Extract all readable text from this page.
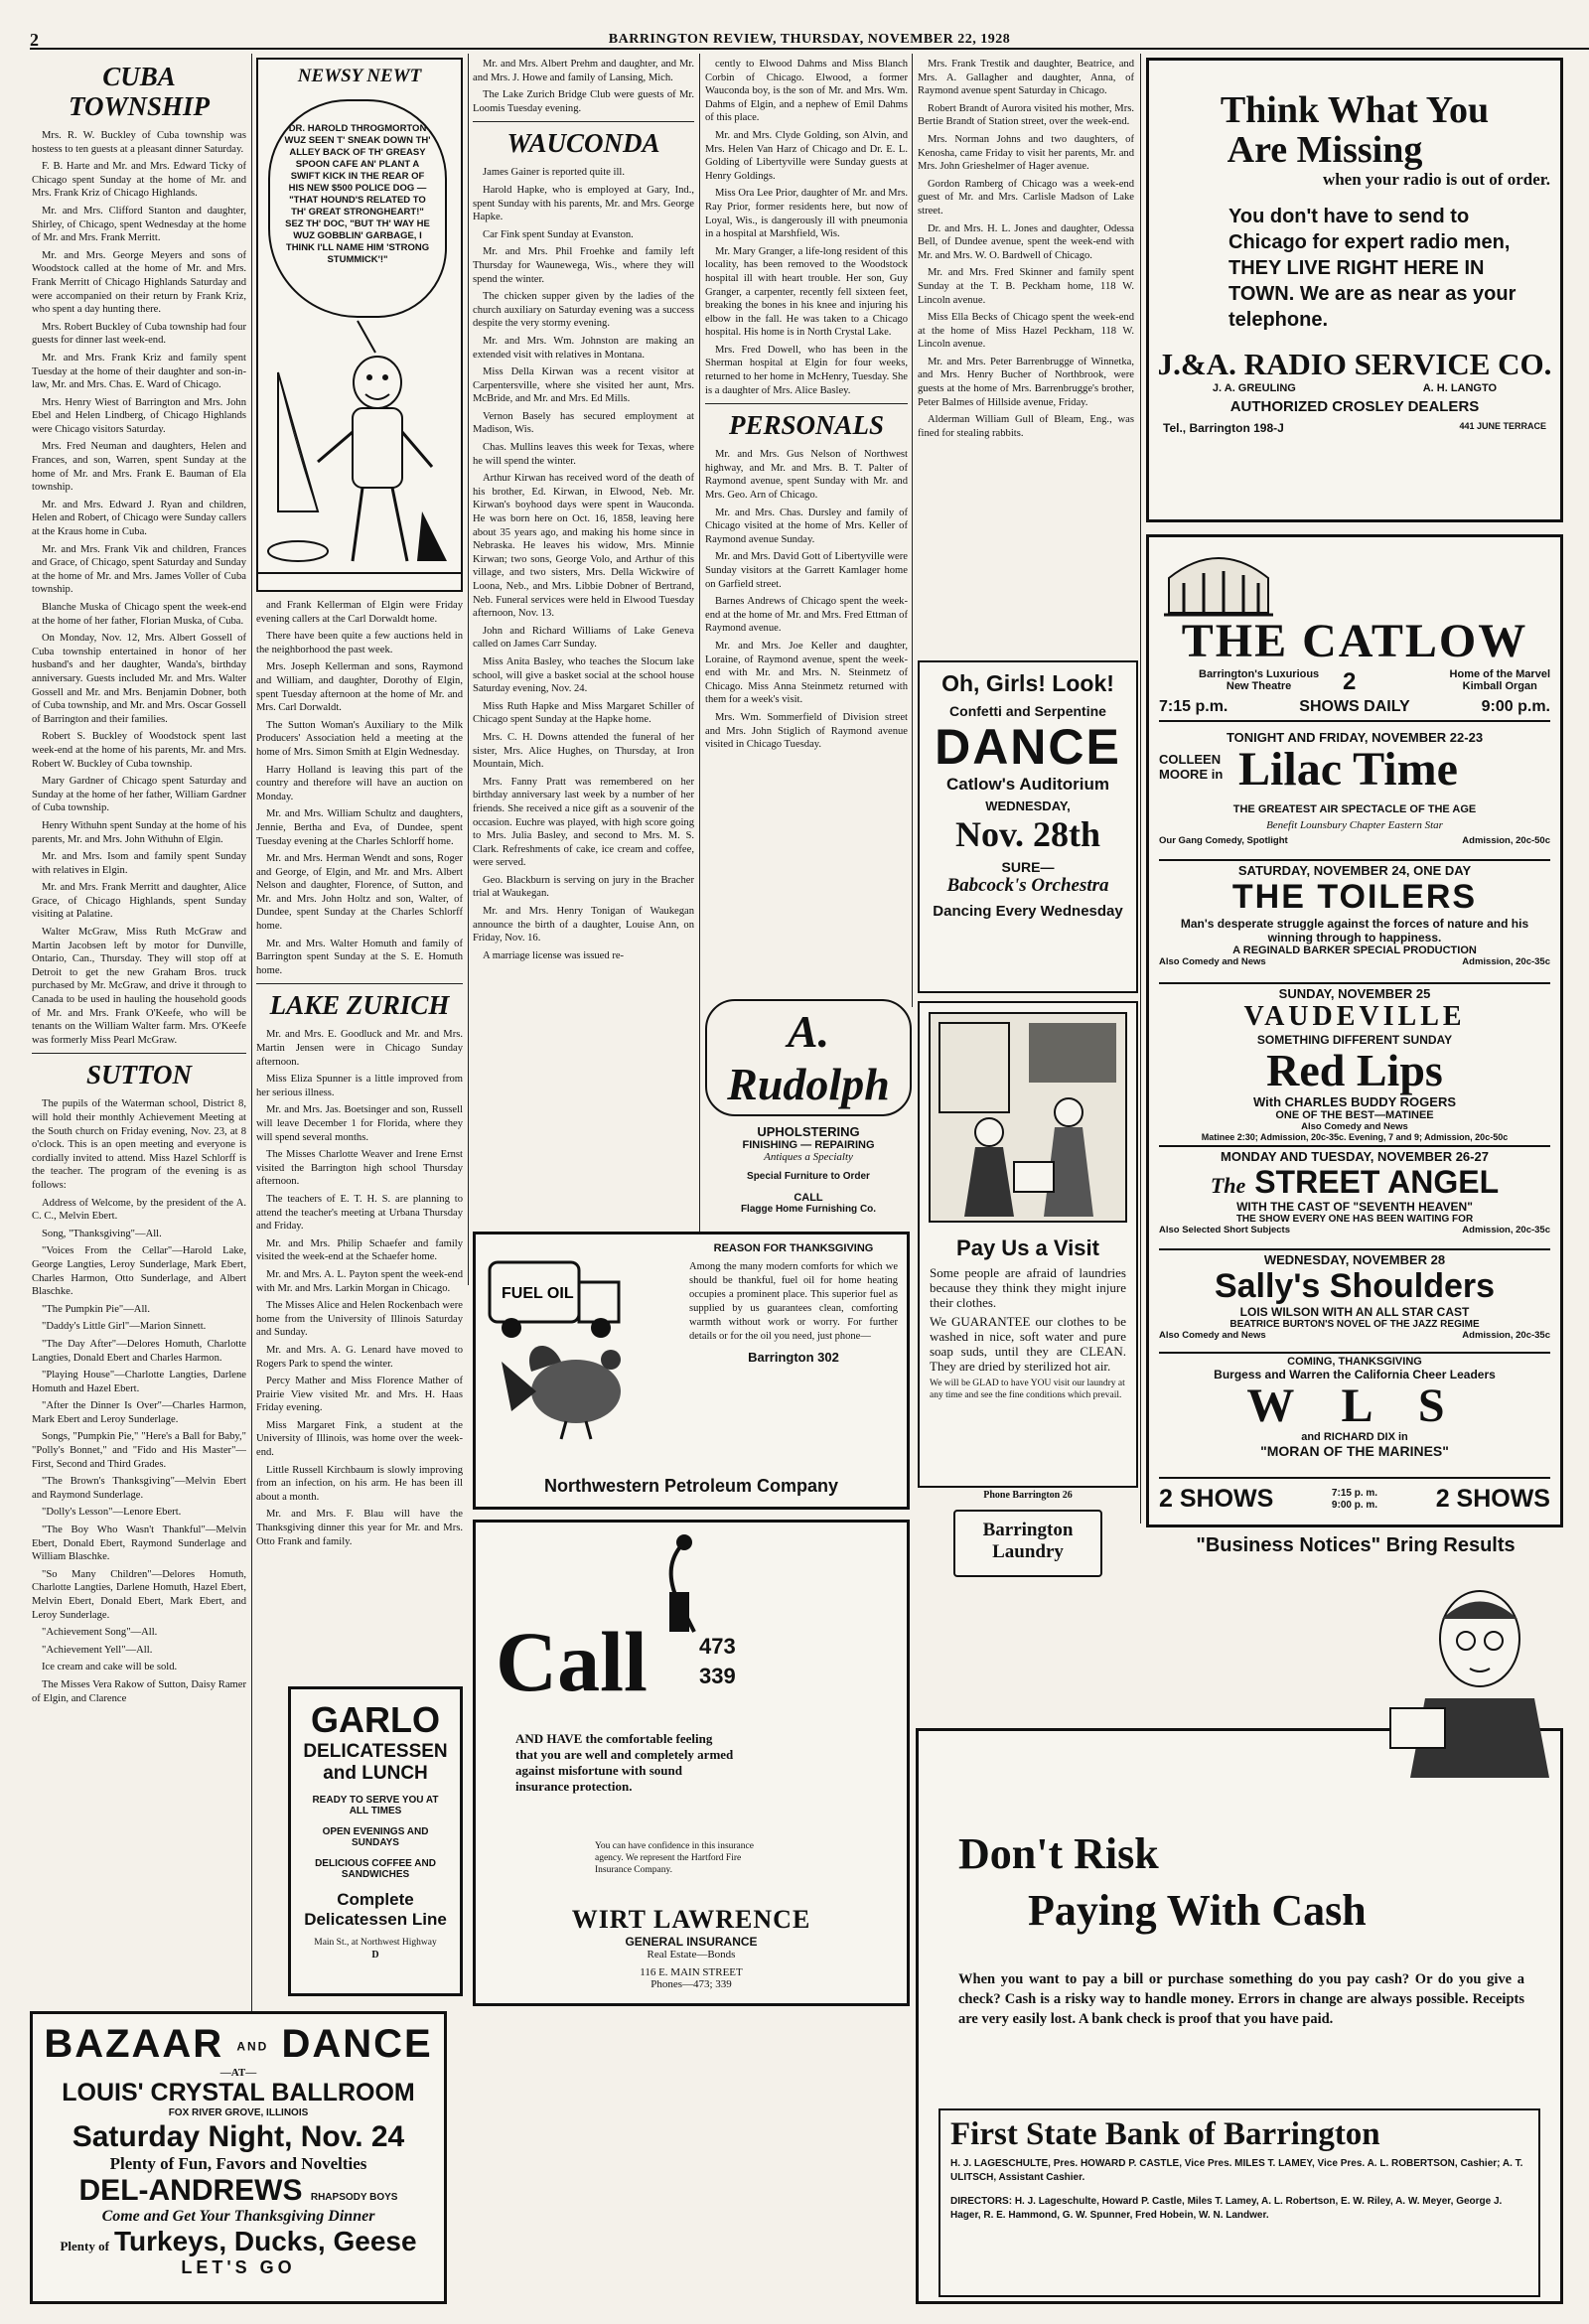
2	BARRINGTON REVIEW, THURSDAY, NOVEMBER 22, 1928
CUBA TOWNSHIP

Mrs. R. W. Buckley of Cuba township was hostess to ten guests at a pleasant dinner Saturday.

F. B. Harte and Mr. and Mrs. Edward Ticky of Chicago spent Sunday at the home of Mr. and Mrs. Frank Kriz of Chicago Highlands.

Mr. and Mrs. Clifford Stanton and daughter, Shirley, of Chicago, spent Wednesday at the home of Mr. and Mrs. Frank Merritt.

Mr. and Mrs. George Meyers and sons of Woodstock called at the home of Mr. and Mrs. Frank Merritt of Chicago Highlands Saturday and were accompanied on their return by Frank Kriz, who spent a day hunting there.

Mrs. Robert Buckley of Cuba township had four guests for dinner last week-end.

Mr. and Mrs. Frank Kriz and family spent Tuesday at the home of their daughter and son-in-law, Mr. and Mrs. Chas. E. Ward of Chicago.

Mrs. Henry Wiest of Barrington and Mrs. John Ebel and Helen Lindberg, of Chicago Highlands were Chicago visitors Saturday.

Mrs. Fred Neuman and daughters, Helen and Frances, and son, Warren, spent Sunday at the home of Mr. and Mrs. Frank E. Bauman of Ela township.

Mr. and Mrs. Edward J. Ryan and children, Helen and Robert, of Chicago were Sunday callers at the Kraus home in Cuba.

Mr. and Mrs. Frank Vik and children, Frances and Grace, of Chicago, spent Saturday and Sunday at the home of Mr. and Mrs. James Voller of Cuba township.

Blanche Muska of Chicago spent the week-end at the home of her father, Florian Muska, of Cuba.

On Monday, Nov. 12, Mrs. Albert Gossell of Cuba township entertained in honor of her husband's and her daughter, Wanda's, birthday anniversary. Guests included Mr. and Mrs. Walter Gossell and Mr. and Mrs. Benjamin Dobner, both of Cuba township, and Mr. and Mrs. Oscar Gossell of Barrington and their families.

Robert S. Buckley of Woodstock spent last week-end at the home of his parents, Mr. and Mrs. Robert W. Buckley of Cuba township.

Mary Gardner of Chicago spent Saturday and Sunday at the home of her father, William Gardner of Cuba township.

Henry Withuhn spent Sunday at the home of his parents, Mr. and Mrs. John Withuhn of Elgin.

Mr. and Mrs. Isom and family spent Sunday with relatives in Elgin.

Mr. and Mrs. Frank Merritt and daughter, Alice Grace, of Chicago Highlands, spent Sunday visiting at Palatine.

Walter McGraw, Miss Ruth McGraw and Martin Jacobsen left by motor for Dunville, Ontario, Can., Thursday. They will stop off at Detroit to get the new Graham Bros. truck purchased by Mr. McGraw, and drive it through to Canada to be used in hauling the household goods of Mr. and Mrs. Frank O'Keefe, who will be tenants on the William Walter farm. Mrs. O'Keefe was formerly Miss Pearl McGraw.

SUTTON

The pupils of the Waterman school, District 8, will hold their monthly Achievement Meeting at the South church on Friday evening, Nov. 23, at 8 o'clock. This is an open meeting and everyone is cordially invited to attend. Miss Hazel Schlorff is the teacher. The program of the evening is as follows:

Address of Welcome, by the president of the A. C. C., Melvin Ebert.

Song, "Thanksgiving"—All.

"Voices From the Cellar"—Harold Lake, George Langties, Leroy Sunderlage, Mark Ebert, Charles Harmon, Otto Sunderlage, and Albert Blaschke.

"The Pumpkin Pie"—All.

"Daddy's Little Girl"—Marion Sinnett.

"The Day After"—Delores Homuth, Charlotte Langties, Donald Ebert and Charles Harmon.

"Playing House"—Charlotte Langties, Darlene Homuth and Hazel Ebert.

"After the Dinner Is Over"—Charles Harmon, Mark Ebert and Leroy Sunderlage.

Songs, "Pumpkin Pie," "Here's a Ball for Baby," "Polly's Bonnet," and "Fido and His Master"—First, Second and Third Grades.

"The Brown's Thanksgiving"—Melvin Ebert and Raymond Sunderlage.

"Dolly's Lesson"—Lenore Ebert.

"The Boy Who Wasn't Thankful"—Melvin Ebert, Donald Ebert, Raymond Sunderlage and William Blaschke.

"So Many Children"—Delores Homuth, Charlotte Langties, Darlene Homuth, Hazel Ebert, Melvin Ebert, Donald Ebert, Mark Ebert, and Leroy Sunderlage.

"Achievement Song"—All.

"Achievement Yell"—All.

Ice cream and cake will be sold.

The Misses Vera Rakow of Sutton, Daisy Ramer of Elgin, and Clarence

BAZAAR AND DANCE
—AT—
LOUIS' CRYSTAL BALLROOM
FOX RIVER GROVE, ILLINOIS
Saturday Night, Nov. 24
Plenty of Fun, Favors and Novelties
DEL-ANDREWS RHAPSODY BOYS
Come and Get Your Thanksgiving Dinner
Plenty of Turkeys, Ducks, Geese
LET'S GO
NEWSY NEWT
DR. HAROLD THROGMORTON WUZ SEEN T' SNEAK DOWN TH' ALLEY BACK OF TH' GREASY SPOON CAFE AN' PLANT A SWIFT KICK IN THE REAR OF HIS NEW $500 POLICE DOG — "THAT HOUND'S RELATED TO TH' GREAT STRONGHEART!" SEZ TH' DOC, "BUT TH' WAY HE WUZ GOBBLIN' GARBAGE, I THINK I'LL NAME HIM 'STRONG STUMMICK'!"

and Frank Kellerman of Elgin were Friday evening callers at the Carl Dorwaldt home.

There have been quite a few auctions held in the neighborhood the past week.

Mrs. Joseph Kellerman and sons, Raymond and William, and daughter, Dorothy of Elgin, spent Tuesday afternoon at the home of Mr. and Mrs. Carl Dorwaldt.

The Sutton Woman's Auxiliary to the Milk Producers' Association held a meeting at the home of Mrs. Simon Smith at Elgin Wednesday.

Harry Holland is leaving this part of the country and therefore will have an auction on Monday.

Mr. and Mrs. William Schultz and daughters, Jennie, Bertha and Eva, of Dundee, spent Tuesday evening at the Charles Schlorff home.

Mr. and Mrs. Herman Wendt and sons, Roger and George, of Elgin, and Mr. and Mrs. Albert Nelson and daughter, Florence, of Sutton, and Mr. and Mrs. John Holtz and son, Walter, of Dundee, spent Sunday at the Charles Schlorff home.

Mr. and Mrs. Walter Homuth and family of Barrington spent Sunday at the S. E. Homuth home.

LAKE ZURICH

Mr. and Mrs. E. Goodluck and Mr. and Mrs. Martin Jensen were in Chicago Sunday afternoon.

Miss Eliza Spunner is a little improved from her serious illness.

Mr. and Mrs. Jas. Boetsinger and son, Russell will leave December 1 for Florida, where they will spend several months.

The Misses Charlotte Weaver and Irene Ernst visited the Barrington high school Thursday afternoon.

The teachers of E. T. H. S. are planning to attend the teacher's meeting at Urbana Thursday and Friday.

Mr. and Mrs. Philip Schaefer and family visited the week-end at the Schaefer home.

Mr. and Mrs. A. L. Payton spent the week-end with Mr. and Mrs. Larkin Morgan in Chicago.

The Misses Alice and Helen Rockenbach were home from the University of Illinois Saturday and Sunday.

Mr. and Mrs. A. G. Lenard have moved to Rogers Park to spend the winter.

Percy Mather and Miss Florence Mather of Prairie View visited Mr. and Mrs. H. Haas Friday evening.

Miss Margaret Fink, a student at the University of Illinois, was home over the week-end.

Little Russell Kirchbaum is slowly improving from an infection, on his arm. He has been ill about a month.

Mr. and Mrs. F. Blau will have the Thanksgiving dinner this year for Mr. and Mrs. Otto Frank and family.

GARLO
DELICATESSEN
and LUNCH
READY TO SERVE YOU AT ALL TIMES
OPEN EVENINGS AND SUNDAYS
DELICIOUS COFFEE AND SANDWICHES
Complete
Delicatessen Line
Main St., at Northwest Highway
D

Mr. and Mrs. Albert Prehm and daughter, and Mr. and Mrs. J. Howe and family of Lansing, Mich.

The Lake Zurich Bridge Club were guests of Mr. Loomis Tuesday evening.

WAUCONDA

James Gainer is reported quite ill.

Harold Hapke, who is employed at Gary, Ind., spent Sunday with his parents, Mr. and Mrs. George Hapke.

Car Fink spent Sunday at Evanston.

Mr. and Mrs. Phil Froehke and family left Thursday for Waunewega, Wis., where they will spend the winter.

The chicken supper given by the ladies of the church auxiliary on Saturday evening was a success despite the very stormy evening.

Mr. and Mrs. Wm. Johnston are making an extended visit with relatives in Montana.

Miss Della Kirwan was a recent visitor at Carpentersville, where she visited her aunt, Mrs. McBride, and Mr. and Mrs. Ed Mills.

Vernon Basely has secured employment at Madison, Wis.

Chas. Mullins leaves this week for Texas, where he will spend the winter.

Arthur Kirwan has received word of the death of his brother, Ed. Kirwan, in Elwood, Neb. Mr. Kirwan's boyhood days were spent in Wauconda. He was born here on Oct. 16, 1858, leaving here about 35 years ago, and making his home since in Nebraska. He leaves his widow, Mrs. Minnie Kirwan; two sons, George Volo, and Arthur of this village, and two sisters, Mrs. Della Wickwire of Loona, Neb., and Mrs. Libbie Dobner of Bertrand, Neb. Funeral services were held in Elwood Tuesday afternoon, Nov. 13.

John and Richard Williams of Lake Geneva called on James Carr Sunday.

Miss Anita Basley, who teaches the Slocum lake school, will give a basket social at the school house Saturday evening, Nov. 24.

Miss Ruth Hapke and Miss Margaret Schiller of Chicago spent Sunday at the Hapke home.

Mrs. C. H. Downs attended the funeral of her sister, Mrs. Alice Hughes, on Thursday, at Iron Mountain, Mich.

Mrs. Fanny Pratt was remembered on her birthday anniversary last week by a number of her friends. She received a nice gift as a souvenir of the occasion. Euchre was played, with high score going to Mrs. Julia Basley, and second to Mrs. M. S. Clark. Refreshments of cake, ice cream and coffee, were served.

Geo. Blackburn is serving on jury in the Bracher trial at Waukegan.

Mr. and Mrs. Henry Tonigan of Waukegan announce the birth of a daughter, Louise Ann, on Friday, Nov. 16.

A marriage license was issued re-

cently to Elwood Dahms and Miss Blanch Corbin of Chicago. Elwood, a former Wauconda boy, is the son of Mr. and Mrs. Wm. Dahms of Elgin, and a nephew of Emil Dahms of this place.

Mr. and Mrs. Clyde Golding, son Alvin, and Mrs. Helen Van Harz of Chicago and Dr. E. L. Golding of Libertyville were Sunday guests at Henry Goldings.

Miss Ora Lee Prior, daughter of Mr. and Mrs. Ray Prior, former residents here, but now of Loyal, Wis., is dangerously ill with pneumonia in a hospital at Marshfield, Wis.

Mr. Mary Granger, a life-long resident of this locality, has been removed to the Woodstock hospital ill with heart trouble. Her son, Guy Granger, a carpenter, recently fell sixteen feet, breaking the bones in his knee and injuring his elbow in the fall. He was taken to a Chicago hospital. His home is in North Crystal Lake.

Mrs. Fred Dowell, who has been in the Sherman hospital at Elgin for four weeks, returned to her home in McHenry, Tuesday. She is a daughter of Mrs. Alice Basley.

PERSONALS

Mr. and Mrs. Gus Nelson of Northwest highway, and Mr. and Mrs. B. T. Palter of Raymond avenue, spent Sunday with Mr. and Mrs. Geo. Arn of Chicago.

Mr. and Mrs. Chas. Dursley and family of Chicago visited at the home of Mrs. Keller of Raymond avenue Sunday.

Mr. and Mrs. David Gott of Libertyville were Sunday visitors at the Garrett Kamlager home on Garfield street.

Barnes Andrews of Chicago spent the week-end at the home of Mr. and Mrs. Fred Ettman of Raymond avenue.

Mr. and Mrs. Joe Keller and daughter, Loraine, of Raymond avenue, spent the week-end with Mr. and Mrs. N. Steinmetz of Chicago. Miss Anna Steinmetz returned with them for a week's visit.

Mrs. Wm. Sommerfield of Division street and Mrs. John Stiglich of Raymond avenue visited in Chicago Tuesday.

Mrs. Frank Trestik and daughter, Beatrice, and Mrs. A. Gallagher and daughter, Anna, of Raymond avenue spent Saturday in Chicago.

Robert Brandt of Aurora visited his mother, Mrs. Bertie Brandt of Station street, over the week-end.

Mrs. Norman Johns and two daughters, of Kenosha, came Friday to visit her parents, Mr. and Mrs. John Grieshelmer of Hager avenue.

Gordon Ramberg of Chicago was a week-end guest of Mr. and Mrs. Carlisle Madson of Lake street.

Dr. and Mrs. H. L. Jones and daughter, Odessa Bell, of Dundee avenue, spent the week-end with Mr. and Mrs. W. O. Bardwell of Chicago.

Mr. and Mrs. Fred Skinner and family spent Sunday at the T. B. Peckham home, 118 W. Lincoln avenue.

Miss Ella Becks of Chicago spent the week-end at the home of Miss Hazel Peckham, 118 W. Lincoln avenue.

Mr. and Mrs. Peter Barrenbrugge of Winnetka, and Mrs. Henry Bucher of Northbrook, were guests at the home of Mrs. Barrenbrugge's brother, Peter Balmes of Hillside avenue, Friday.

Alderman William Gull of Bleam, Eng., was fined for stealing rabbits.

Oh, Girls! Look!
Confetti and Serpentine
DANCE
Catlow's Auditorium
WEDNESDAY,
Nov. 28th
SURE—
Babcock's Orchestra
Dancing Every Wednesday
A. Rudolph
UPHOLSTERING
FINISHING — REPAIRING
Antiques a Specialty
Special Furniture to Order
CALL
Flagge Home Furnishing Co.
Pay Us a Visit
Some people are afraid of laundries because they think they might injure their clothes.
We GUARANTEE our clothes to be washed in nice, soft water and pure soap suds, until they are CLEAN. They are dried by sterilized hot air.
We will be GLAD to have YOU visit our laundry at any time and see the fine conditions which prevail.
Phone Barrington 26
Barrington
Laundry
FUEL OIL
REASON FOR THANKSGIVING
Among the many modern comforts for which we should be thankful, fuel oil for home heating occupies a prominent place. This superior fuel as supplied by us guarantees clean, comforting warmth without work or worry. For further details or for the oil you need, just phone—
Barrington 302
Northwestern Petroleum Company
Call 473
339
AND HAVE the comfortable feeling that you are well and completely armed against misfortune with sound insurance protection.
You can have confidence in this insurance agency. We represent the Hartford Fire Insurance Company.
WIRT LAWRENCE
GENERAL INSURANCE
Real Estate—Bonds
116 E. MAIN STREET
Phones—473; 339
Think What You
Are Missing
when your radio is out of order.
You don't have to send to Chicago for expert radio men, THEY LIVE RIGHT HERE IN TOWN. We are as near as your telephone.
J.&A. RADIO SERVICE CO.
J. A. GREULING	A. H. LANGTO
AUTHORIZED CROSLEY DEALERS
Tel., Barrington 198-J	441 JUNE TERRACE
THE CATLOW
Barrington's Luxurious
New Theatre	2	Home of the Marvel
Kimball Organ
7:15 p.m.	SHOWS DAILY	9:00 p.m.
TONIGHT AND FRIDAY, NOVEMBER 22-23
COLLEEN MOORE in Lilac Time
THE GREATEST AIR SPECTACLE OF THE AGE
Benefit Lounsbury Chapter Eastern Star
Our Gang Comedy, Spotlight	Admission, 20c-50c
SATURDAY, NOVEMBER 24, ONE DAY
THE TOILERS
Man's desperate struggle against the forces of nature and his winning through to happiness.
A REGINALD BARKER SPECIAL PRODUCTION
Also Comedy and News	Admission, 20c-35c
SUNDAY, NOVEMBER 25
VAUDEVILLE
SOMETHING DIFFERENT SUNDAY
Red Lips
With CHARLES BUDDY ROGERS
ONE OF THE BEST—MATINEE
Also Comedy and News
Matinee 2:30; Admission, 20c-35c. Evening, 7 and 9; Admission, 20c-50c
MONDAY AND TUESDAY, NOVEMBER 26-27
The STREET ANGEL
WITH THE CAST OF "SEVENTH HEAVEN"
THE SHOW EVERY ONE HAS BEEN WAITING FOR
Also Selected Short Subjects	Admission, 20c-35c
WEDNESDAY, NOVEMBER 28
Sally's Shoulders
LOIS WILSON WITH AN ALL STAR CAST
BEATRICE BURTON'S NOVEL OF THE JAZZ REGIME
Also Comedy and News	Admission, 20c-35c
COMING, THANKSGIVING
Burgess and Warren the California Cheer Leaders
W L S
and RICHARD DIX in
"MORAN OF THE MARINES"
2 SHOWS	7:15 p. m.
9:00 p. m. 2 SHOWS
"Business Notices" Bring Results
Don't Risk
Paying With Cash
When you want to pay a bill or purchase something do you pay cash? Or do you give a check? Cash is a risky way to handle money. Errors in change are always possible. Receipts are very easily lost. A bank check is proof that you have paid.
First State Bank of Barrington
H. J. LAGESCHULTE, Pres. HOWARD P. CASTLE, Vice Pres. MILES T. LAMEY, Vice Pres. A. L. ROBERTSON, Cashier; A. T. ULITSCH, Assistant Cashier.
DIRECTORS: H. J. Lageschulte, Howard P. Castle, Miles T. Lamey, A. L. Robertson, E. W. Riley, A. W. Meyer, George J. Hager, R. E. Hammond, G. W. Spunner, Fred Hobein, W. N. Landwer.
